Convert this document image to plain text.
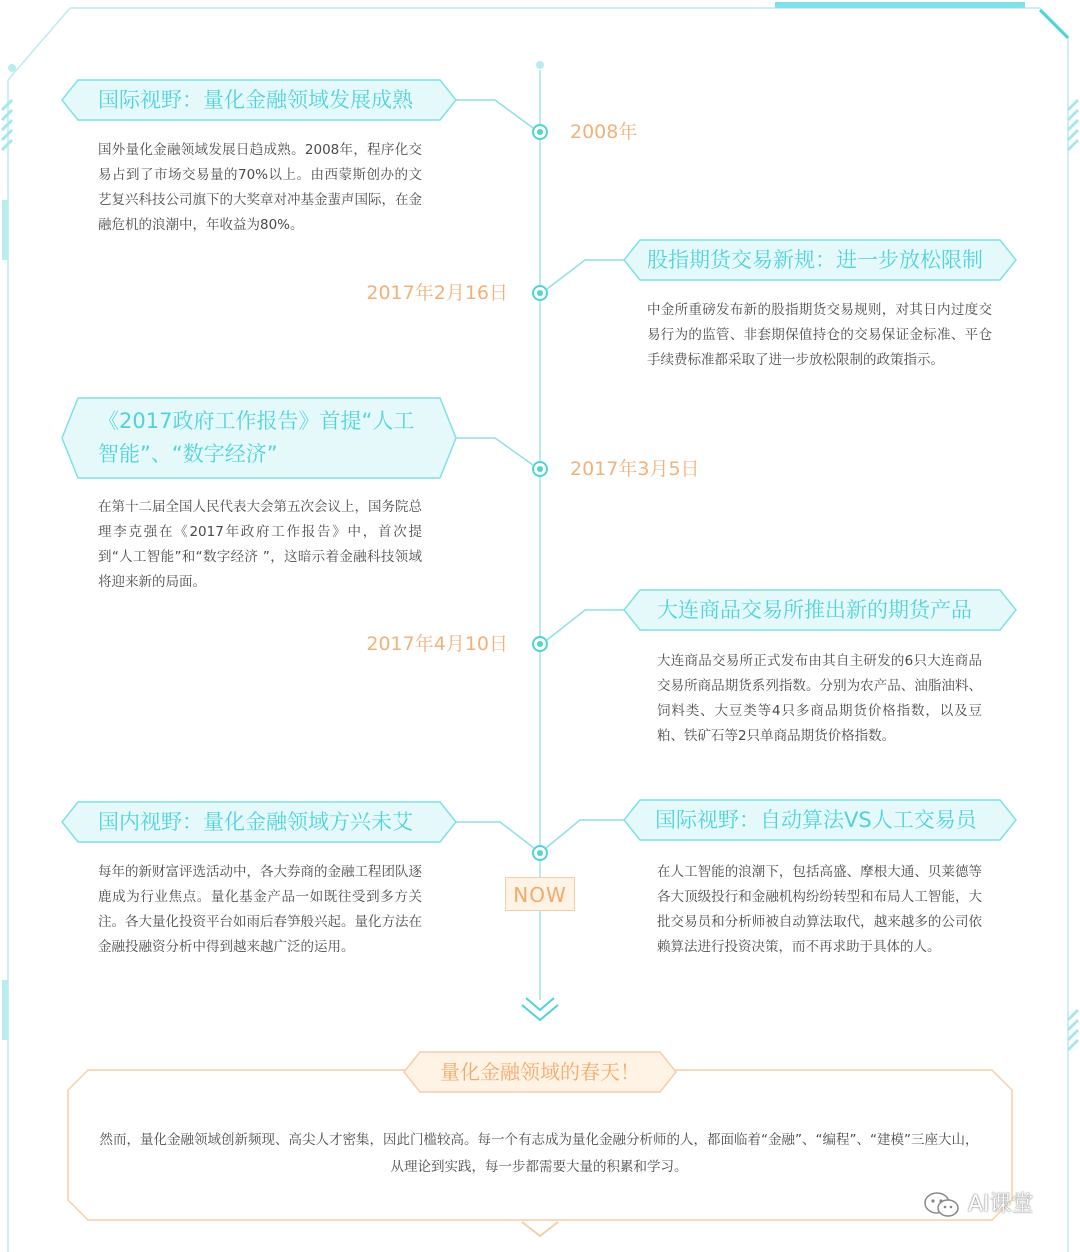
国际视野：量化金融领域发展成熟
2008年
国外量化金融领域发展日趋成熟。2008年，程序化交易占到了市场交易量的70%以上。由西蒙斯创办的文艺复兴科技公司旗下的大奖章对冲基金蜚声国际，在金融危机的浪潮中，年收益为80%。
股指期货交易新规：进一步放松限制
2017年2月16日
中金所重磅发布新的股指期货交易规则，对其日内过度交易行为的监管、非套期保值持仓的交易保证金标准、平仓手续费标准都采取了进一步放松限制的政策指示。
《2017政府工作报告》首提“人工智能”、“数字经济”
2017年3月5日
在第十二届全国人民代表大会第五次会议上，国务院总理李克强在《2017年政府工作报告》中，首次提到“人工智能”和“数字经济 ”，这暗示着金融科技领域将迎来新的局面。
大连商品交易所推出新的期货产品
2017年4月10日
大连商品交易所正式发布由其自主研发的6只大连商品交易所商品期货系列指数。分别为农产品、油脂油料、饲料类、大豆类等4只多商品期货价格指数，以及豆粕、铁矿石等2只单商品期货价格指数。
国内视野：量化金融领域方兴未艾
每年的新财富评选活动中，各大券商的金融工程团队逐鹿成为行业焦点。量化基金产品一如既往受到多方关注。各大量化投资平台如雨后春笋般兴起。量化方法在金融投融资分析中得到越来越广泛的运用。
国际视野：自动算法VS人工交易员
在人工智能的浪潮下，包括高盛、摩根大通、贝莱德等各大顶级投行和金融机构纷纷转型和布局人工智能，大批交易员和分析师被自动算法取代，越来越多的公司依赖算法进行投资决策，而不再求助于具体的人。
NOW
量化金融领域的春天！
然而，量化金融领域创新频现、高尖人才密集，因此门槛较高。每一个有志成为量化金融分析师的人，都面临着“金融”、“编程”、“建模”三座大山，从理论到实践，每一步都需要大量的积累和学习。
AI课堂
